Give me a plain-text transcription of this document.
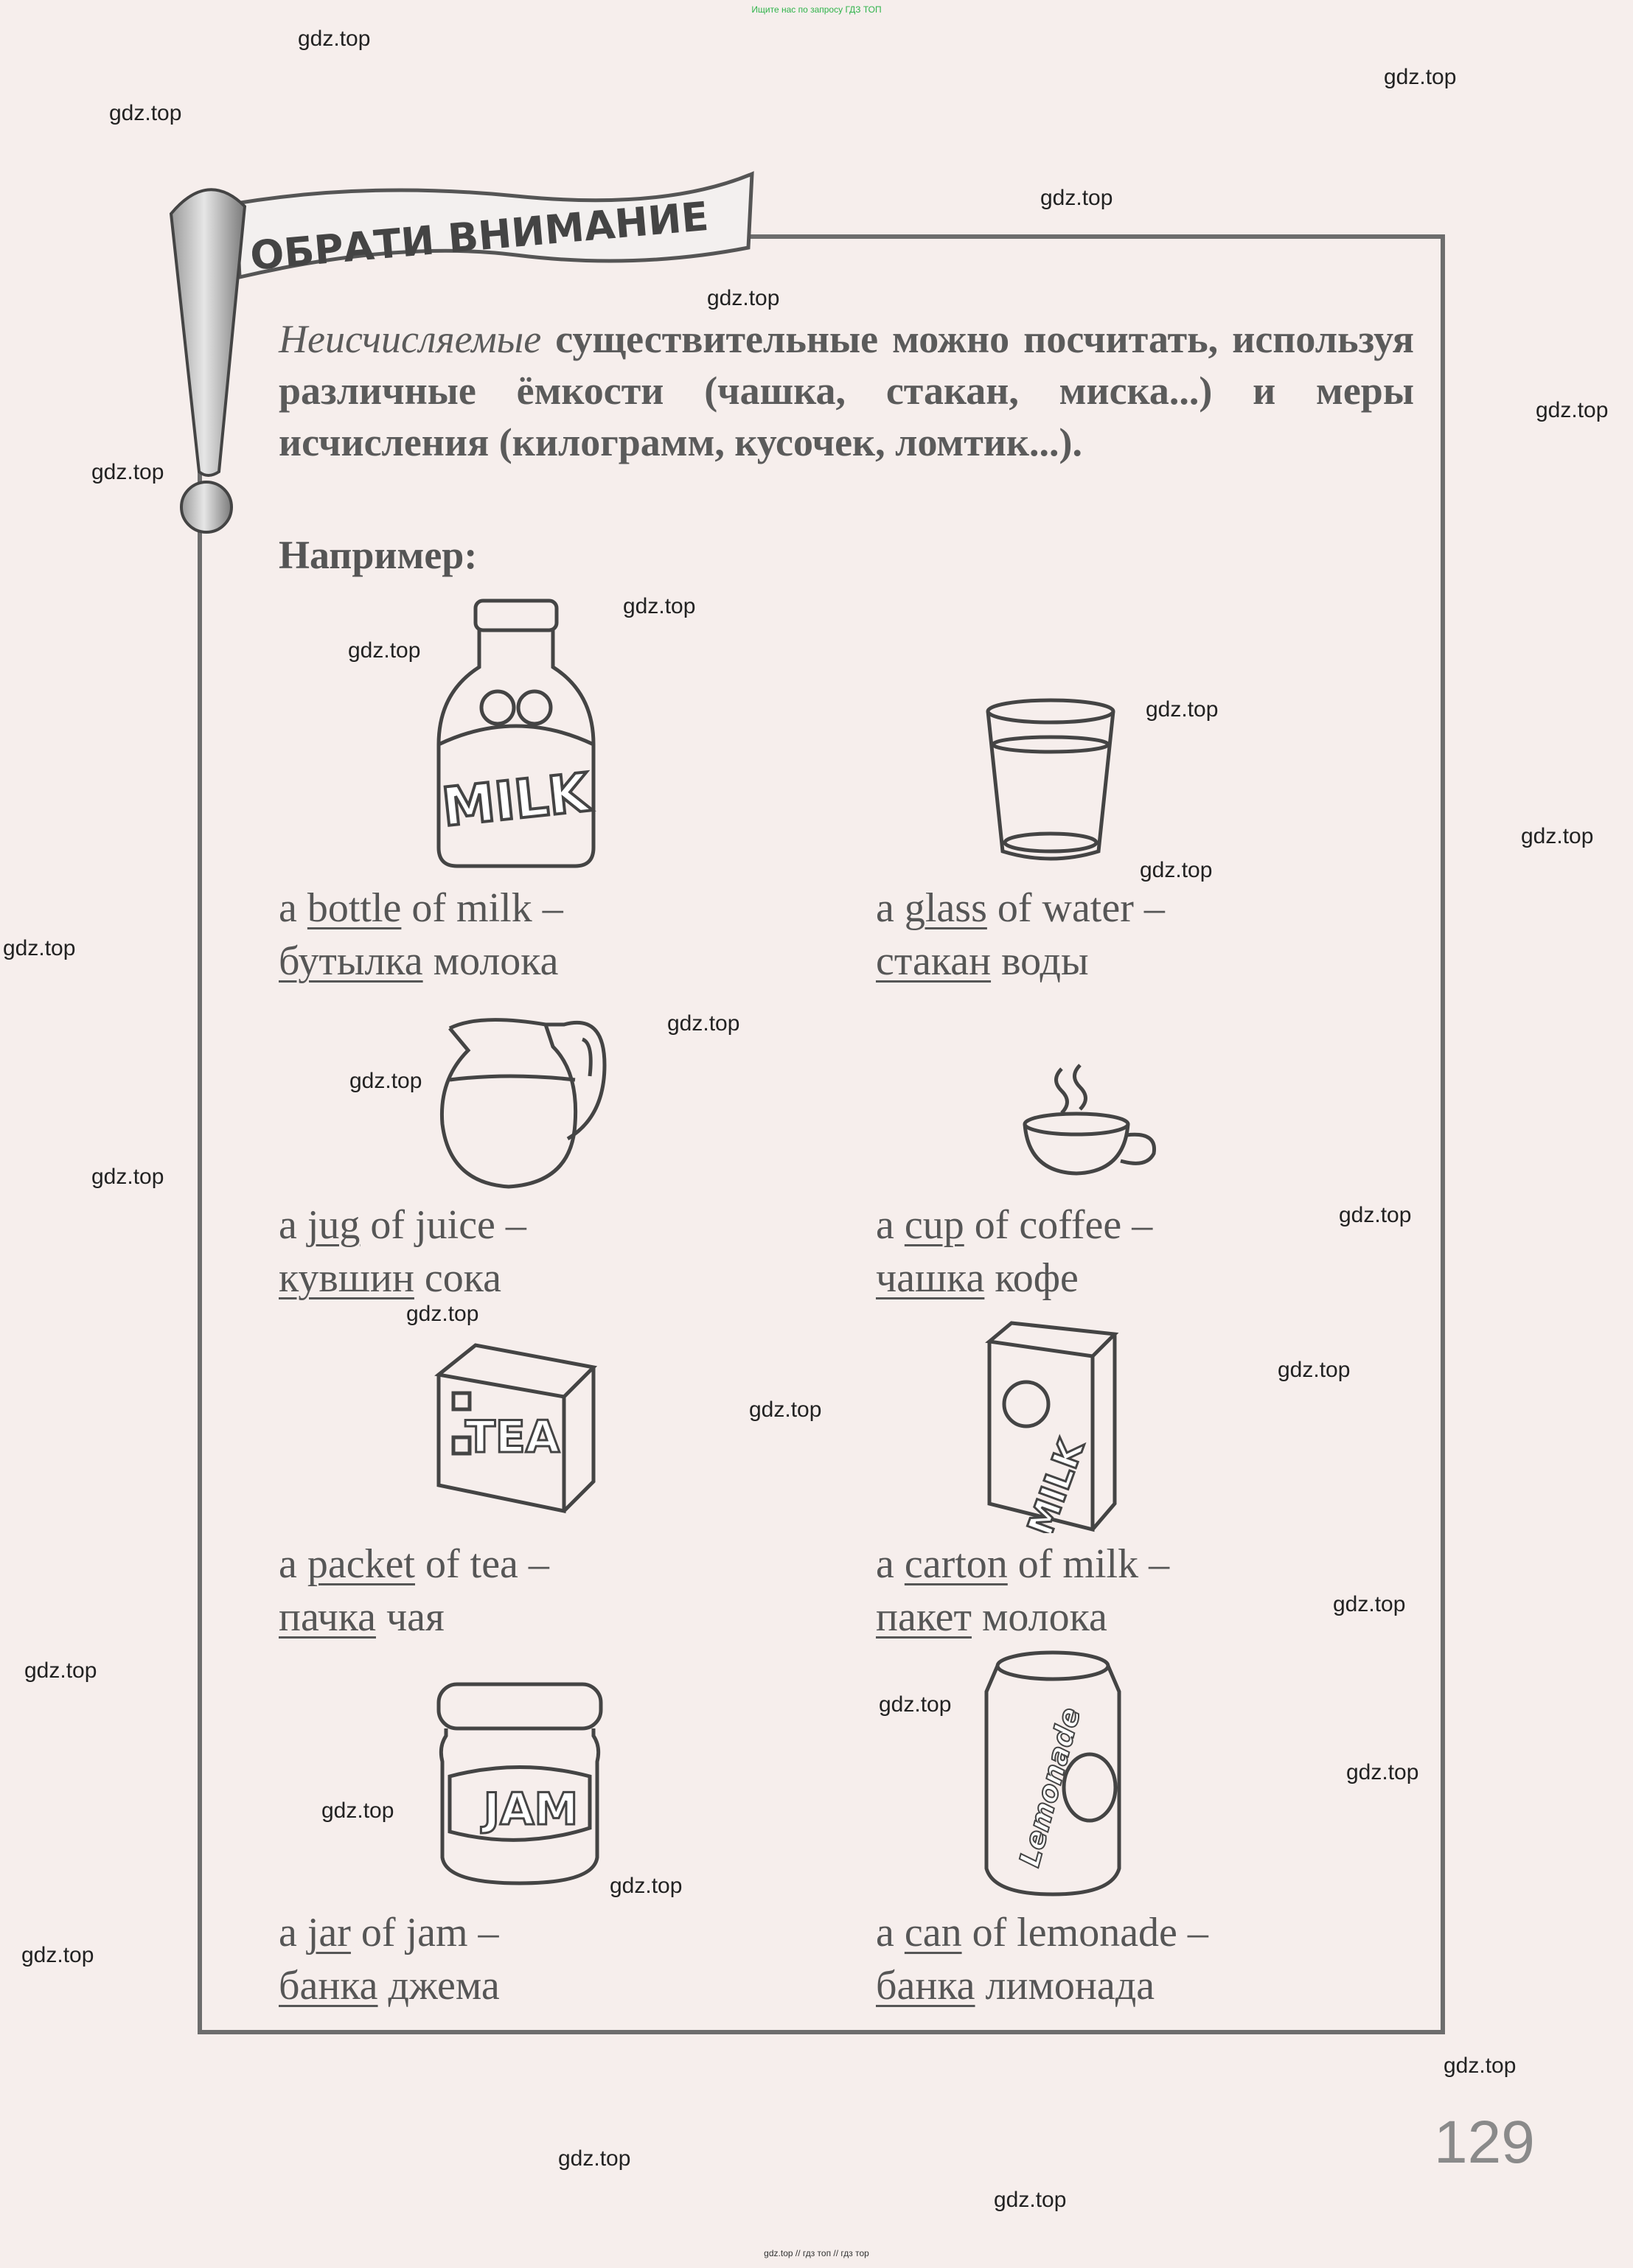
Ищите нас по запросу ГДЗ ТОП
gdz.top
gdz.top
gdz.top
gdz.top
gdz.top
gdz.top
gdz.top
gdz.top
gdz.top
gdz.top
gdz.top
gdz.top
gdz.top
gdz.top
gdz.top
gdz.top
gdz.top
gdz.top
gdz.top
gdz.top
gdz.top
gdz.top
gdz.top
gdz.top
gdz.top
gdz.top
gdz.top
gdz.top
gdz.top
gdz.top
ОБРАТИ ВНИМАНИЕ
Неисчисляемые существительные можно посчитать, используя различные ёмкости (чашка, стакан, миска...) и меры исчисления (килограмм, кусочек, ломтик...).
Например:
MILK
TEA	MILK
JAM	Lemonade
a bottle of milk –
бутылка молока
a glass of water –
стакан воды
a jug of juice –
кувшин сока
a cup of coffee –
чашка кофе
a packet of tea –
пачка чая
a carton of milk –
пакет молока
a jar of jam –
банка джема
a can of lemonade –
банка лимонада
129
gdz.top // гдз топ // гдз тор
